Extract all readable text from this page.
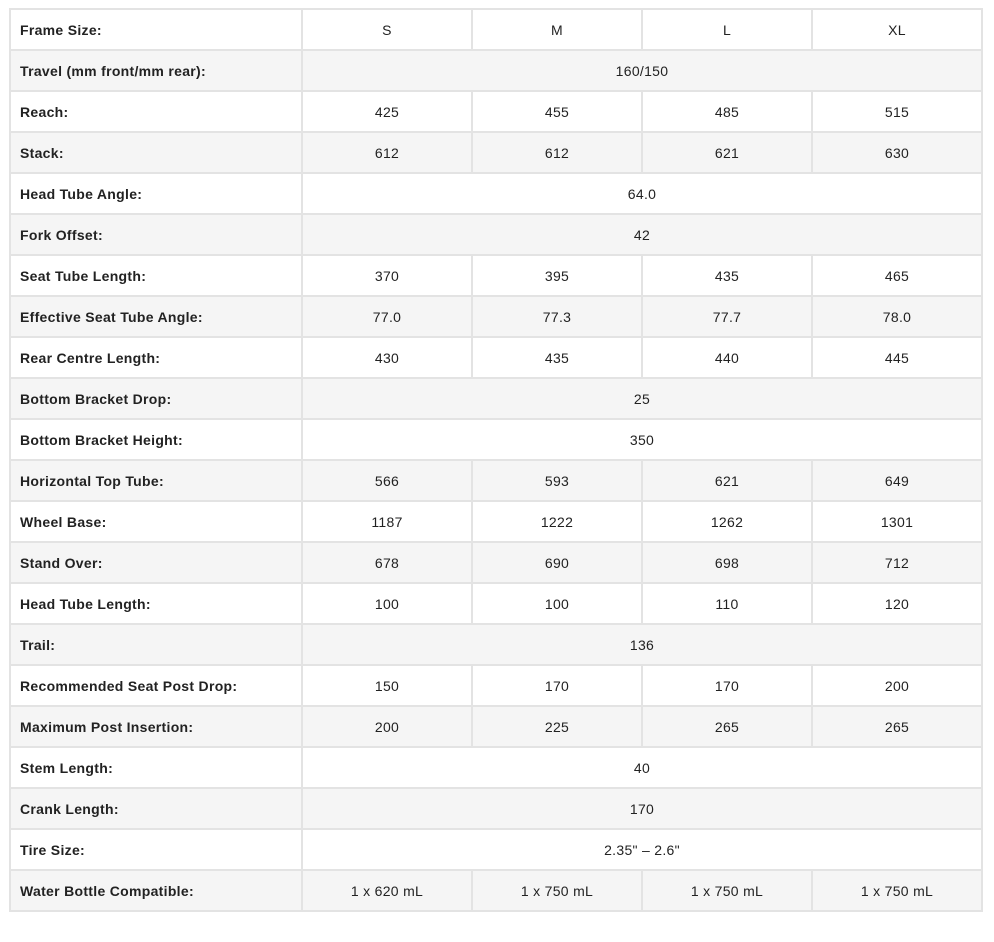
Frame Size:	S	M	L	XL
Travel (mm front/mm rear):	160/150			
Reach:	425	455	485	515
Stack:	612	612	621	630
Head Tube Angle:	64.0			
Fork Offset:	42			
Seat Tube Length:	370	395	435	465
Effective Seat Tube Angle:	77.0	77.3	77.7	78.0
Rear Centre Length:	430	435	440	445
Bottom Bracket Drop:	25			
Bottom Bracket Height:	350			
Horizontal Top Tube:	566	593	621	649
Wheel Base:	1187	1222	1262	1301
Stand Over:	678	690	698	712
Head Tube Length:	100	100	110	120
Trail:	136			
Recommended Seat Post Drop:	150	170	170	200
Maximum Post Insertion:	200	225	265	265
Stem Length:	40			
Crank Length:	170			
Tire Size:	2.35" – 2.6"			
Water Bottle Compatible:	1 x 620 mL	1 x 750 mL	1 x 750 mL	1 x 750 mL
